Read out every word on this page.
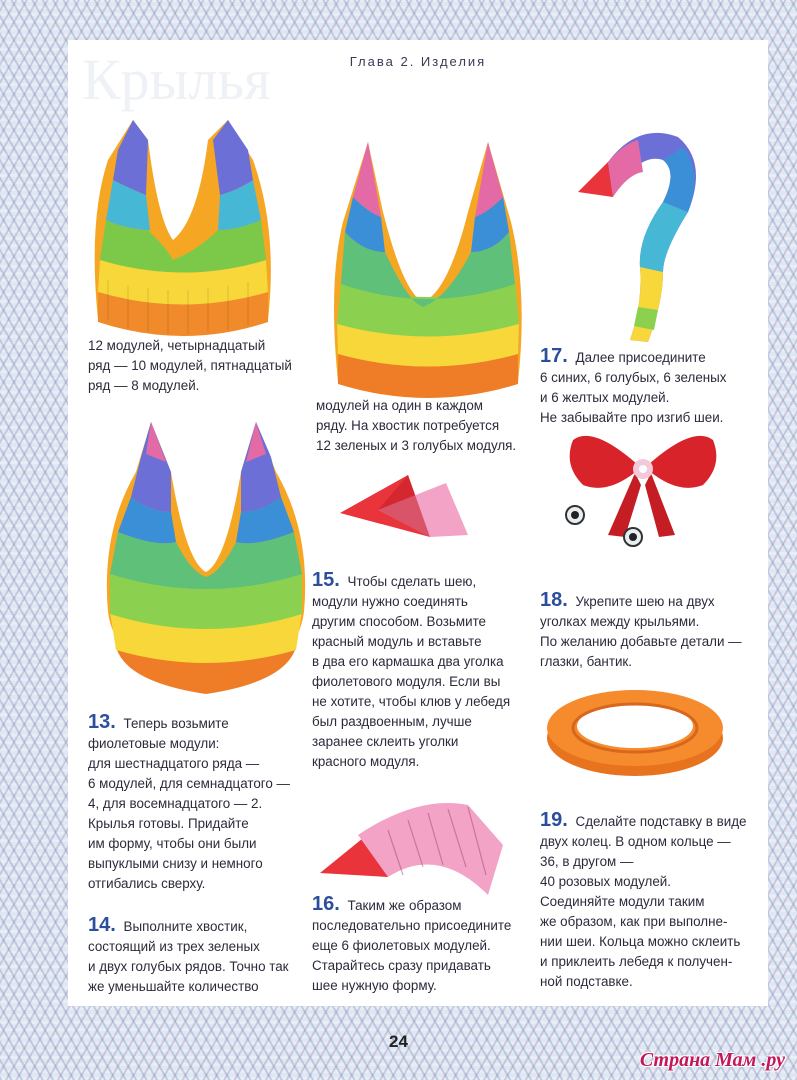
Крылья	Глава 2. Изделия
12 модулей, четырнадцатый
ряд — 10 модулей, пятнадцатый
ряд — 8 модулей.

13. Теперь возьмите
фиолетовые модули:
для шестнадцатого ряда —
6 модулей, для семнадцатого —
4, для восемнадцатого — 2.
Крылья готовы. Придайте
им форму, чтобы они были
выпуклыми снизу и немного
отгибались сверху.

14. Выполните хвостик,
состоящий из трех зеленых
и двух голубых рядов. Точно так
же уменьшайте количество

модулей на один в каждом
ряду. На хвостик потребуется
12 зеленых и 3 голубых модуля.

15. Чтобы сделать шею,
модули нужно соединять
другим способом. Возьмите
красный модуль и вставьте
в два его кармашка два уголка
фиолетового модуля. Если вы
не хотите, чтобы клюв у лебедя
был раздвоенным, лучше
заранее склеить уголки
красного модуля.

16. Таким же образом
последовательно присоедините
еще 6 фиолетовых модулей.
Старайтесь сразу придавать
шее нужную форму.

17. Далее присоедините
6 синих, 6 голубых, 6 зеленых
и 6 желтых модулей.
Не забывайте про изгиб шеи.

18. Укрепите шею на двух
уголках между крыльями.
По желанию добавьте детали —
глазки, бантик.

19. Сделайте подставку в виде
двух колец. В одном кольце —
36, в другом —
40 розовых модулей.
Соединяйте модули таким
же образом, как при выполне-
нии шеи. Кольца можно склеить
и приклеить лебедя к получен-
ной подставке.

24
Страна Мам .ру
